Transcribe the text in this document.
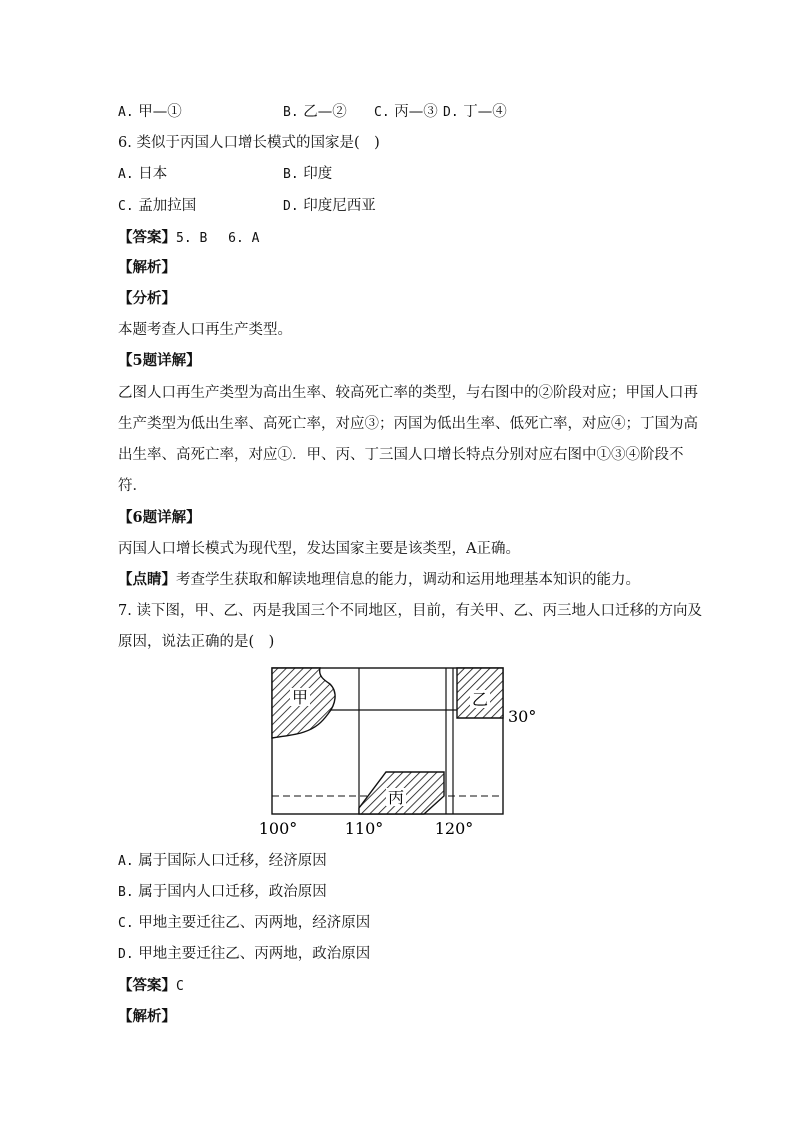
A. 甲—①	B. 乙—② C. 丙—③ D. 丁—④
6. 类似于丙国人口增长模式的国家是(　)
A. 日本	B. 印度
C. 孟加拉国	D. 印度尼西亚
【答案】5. B　 6. A
【解析】
【分析】
本题考查人口再生产类型。
【5题详解】
乙图人口再生产类型为高出生率、较高死亡率的类型，与右图中的②阶段对应；甲国人口再
生产类型为低出生率、高死亡率，对应③；丙国为低出生率、低死亡率，对应④；丁国为高
出生率、高死亡率，对应①．甲、丙、丁三国人口增长特点分别对应右图中①③④阶段不
符．
【6题详解】
丙国人口增长模式为现代型，发达国家主要是该类型，A正确。
【点睛】考查学生获取和解读地理信息的能力，调动和运用地理基本知识的能力。
7. 读下图，甲、乙、丙是我国三个不同地区，目前，有关甲、乙、丙三地人口迁移的方向及
原因，说法正确的是(　)
甲	乙
丙
30°
100°	110°	120°
A. 属于国际人口迁移，经济原因
B. 属于国内人口迁移，政治原因
C. 甲地主要迁往乙、丙两地，经济原因
D. 甲地主要迁往乙、丙两地，政治原因
【答案】C
【解析】
